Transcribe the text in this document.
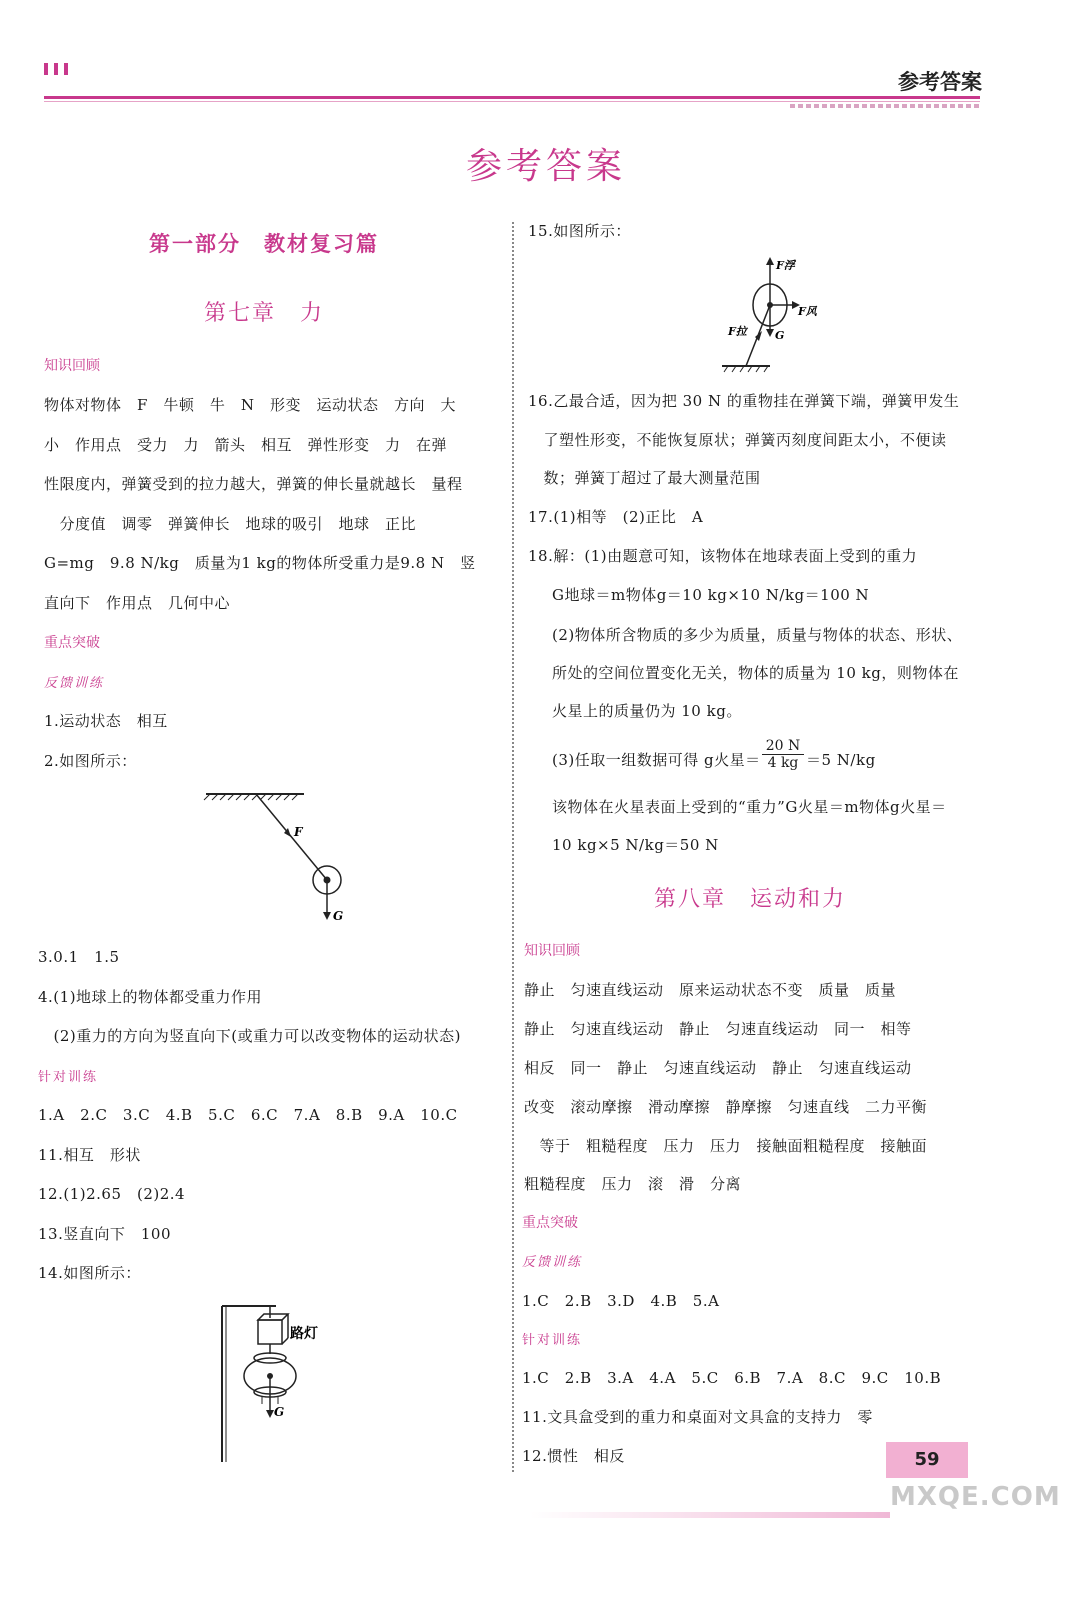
参考答案
参考答案
第一部分　教材复习篇
第七章　力
知识回顾
物体对物体　F　牛顿　牛　N　形变　运动状态　方向　大
小　作用点　受力　力　箭头　相互　弹性形变　力　在弹
性限度内，弹簧受到的拉力越大，弹簧的伸长量就越长　量程
　分度值　调零　弹簧伸长　地球的吸引　地球　正比
G=mg　9.8 N/kg　质量为1 kg的物体所受重力是9.8 N　竖
直向下　作用点　几何中心
重点突破
反馈训练
1.运动状态　相互
2.如图所示：
F
G
3.0.1　1.5
4.(1)地球上的物体都受重力作用
　(2)重力的方向为竖直向下(或重力可以改变物体的运动状态)
针对训练
1.A　2.C　3.C　4.B　5.C　6.C　7.A　8.B　9.A　10.C
11.相互　形状
12.(1)2.65　(2)2.4
13.竖直向下　100
14.如图所示：
路灯
G
15.如图所示：
F浮
F风
F拉	G
16.乙最合适，因为把 30 N 的重物挂在弹簧下端，弹簧甲发生
　了塑性形变，不能恢复原状；弹簧丙刻度间距太小，不便读
　数；弹簧丁超过了最大测量范围
17.(1)相等　(2)正比　A
18.解：(1)由题意可知，该物体在地球表面上受到的重力
G地球＝m物体g＝10 kg×10 N/kg＝100 N
(2)物体所含物质的多少为质量，质量与物体的状态、形状、
所处的空间位置变化无关，物体的质量为 10 kg，则物体在
火星上的质量仍为 10 kg。
(3)任取一组数据可得 g火星＝ $\frac{20 N}{4 kg} =5$ N/kg
该物体在火星表面上受到的“重力”G火星＝m物体g火星＝
10 kg×5 N/kg＝50 N
第八章　运动和力
知识回顾
静止　匀速直线运动　原来运动状态不变　质量　质量
静止　匀速直线运动　静止　匀速直线运动　同一　相等
相反　同一　静止　匀速直线运动　静止　匀速直线运动
改变　滚动摩擦　滑动摩擦　静摩擦　匀速直线　二力平衡
　等于　粗糙程度　压力　压力　接触面粗糙程度　接触面
粗糙程度　压力　滚　滑　分离
重点突破
反馈训练
1.C　2.B　3.D　4.B　5.A
针对训练
1.C　2.B　3.A　4.A　5.C　6.B　7.A　8.C　9.C　10.B
11.文具盒受到的重力和桌面对文具盒的支持力　零
12.惯性　相反	59
MXQE.COM
